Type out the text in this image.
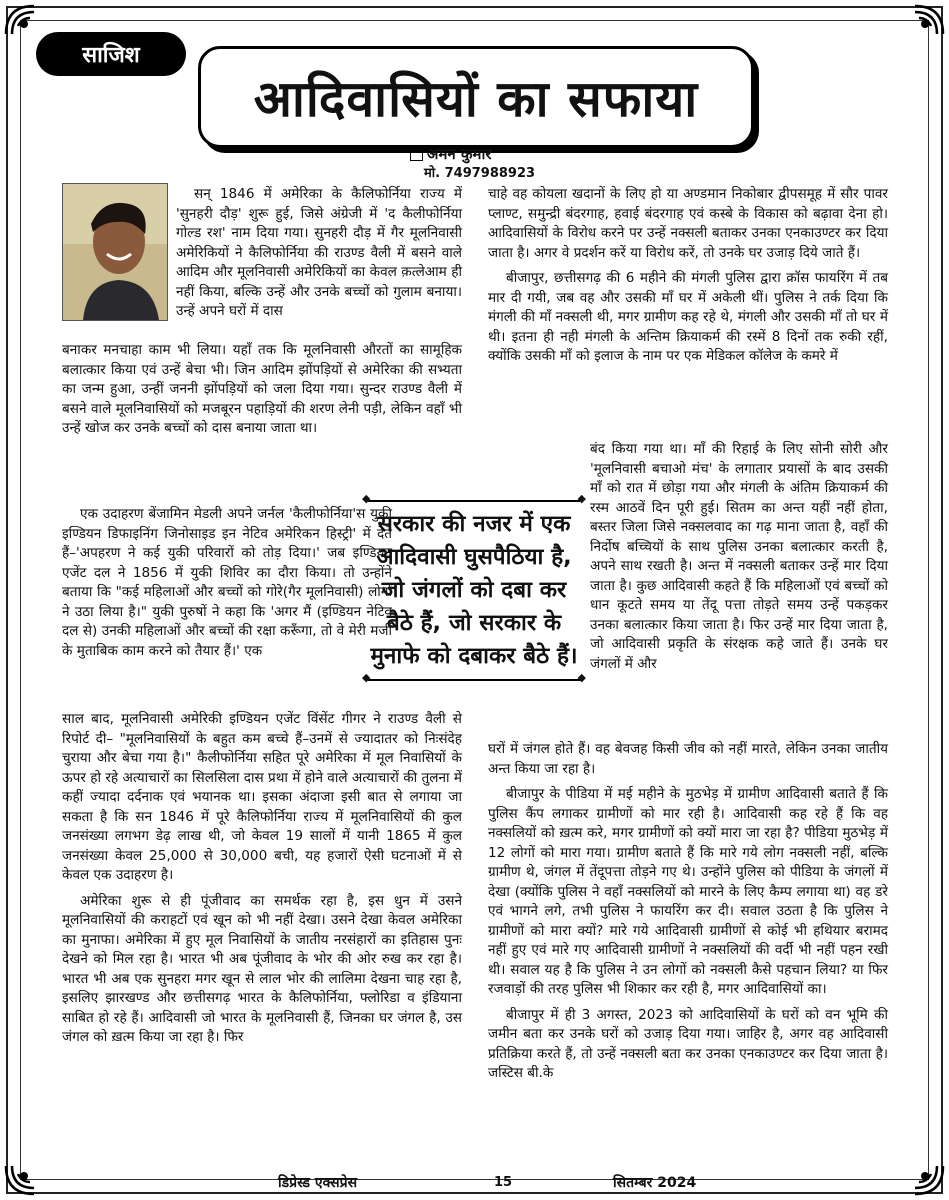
साजिश
आदिवासियों का सफाया
अमन कुमार
मो. 7497988923

सन् 1846 में अमेरिका के कैलिफोर्निया राज्य में 'सुनहरी दौड़' शुरू हुई, जिसे अंग्रेजी में 'द कैलीफोर्निया गोल्ड रश' नाम दिया गया। सुनहरी दौड़ में गैर मूलनिवासी अमेरिकियों ने कैलिफोर्निया की राउण्ड वैली में बसने वाले आदिम और मूलनिवासी अमेरिकियों का केवल क़त्लेआम ही नहीं किया, बल्कि उन्हें और उनके बच्चों को गुलाम बनाया। उन्हें अपने घरों में दास

बनाकर मनचाहा काम भी लिया। यहाँ तक कि मूलनिवासी औरतों का सामूहिक बलात्कार किया एवं उन्हें बेचा भी। जिन आदिम झोंपड़ियों से अमेरिका की सभ्यता का जन्म हुआ, उन्हीं जननी झोंपड़ियों को जला दिया गया। सुन्दर राउण्ड वैली में बसने वाले मूलनिवासियों को मजबूरन पहाड़ियों की शरण लेनी पड़ी, लेकिन वहाँ भी उन्हें खोज कर उनके बच्चों को दास बनाया जाता था।

एक उदाहरण बेंजामिन मेडली अपने जर्नल 'कैलीफोर्निया'स युकी इण्डियन डिफाइनिंग जिनोसाइड इन नेटिव अमेरिकन हिस्ट्री' में देते हैं–'अपहरण ने कई युकी परिवारों को तोड़ दिया।' जब इण्डियन एजेंट दल ने 1856 में युकी शिविर का दौरा किया। तो उन्होंने बताया कि "कई महिलाओं और बच्चों को गोरे(गैर मूलनिवासी) लोगों ने उठा लिया है।" युकी पुरुषों ने कहा कि 'अगर मैं (इण्डियन नेटिव दल से) उनकी महिलाओं और बच्चों की रक्षा करूँगा, तो वे मेरी मर्जी के मुताबिक काम करने को तैयार हैं।' एक

साल बाद, मूलनिवासी अमेरिकी इण्डियन एजेंट विंसेंट गीगर ने राउण्ड वैली से रिपोर्ट दी– "मूलनिवासियों के बहुत कम बच्चे हैं–उनमें से ज्यादातर को निःसंदेह चुराया और बेचा गया है।" कैलीफोर्निया सहित पूरे अमेरिका में मूल निवासियों के ऊपर हो रहे अत्याचारों का सिलसिला दास प्रथा में होने वाले अत्याचारों की तुलना में कहीं ज्यादा दर्दनाक एवं भयानक था। इसका अंदाजा इसी बात से लगाया जा सकता है कि सन 1846 में पूरे कैलिफोर्निया राज्य में मूलनिवासियों की कुल जनसंख्या लगभग डेढ़ लाख थी, जो केवल 19 सालों में यानी 1865 में कुल जनसंख्या केवल 25,000 से 30,000 बची, यह हजारों ऐसी घटनाओं में से केवल एक उदाहरण है।

अमेरिका शुरू से ही पूंजीवाद का समर्थक रहा है, इस धुन में उसने मूलनिवासियों की कराहटों एवं खून को भी नहीं देखा। उसने देखा केवल अमेरिका का मुनाफा। अमेरिका में हुए मूल निवासियों के जातीय नरसंहारों का इतिहास पुनः देखने को मिल रहा है। भारत भी अब पूंजीवाद के भोर की ओर रुख कर रहा है। भारत भी अब एक सुनहरा मगर खून से लाल भोर की लालिमा देखना चाह रहा है, इसलिए झारखण्ड और छत्तीसगढ़ भारत के कैलिफोर्निया, फ्लोरिडा व इंडियाना साबित हो रहे हैं। आदिवासी जो भारत के मूलनिवासी हैं, जिनका घर जंगल है, उस जंगल को ख़त्म किया जा रहा है। फिर

चाहे वह कोयला खदानों के लिए हो या अण्डमान निकोबार द्वीपसमूह में सौर पावर प्लाण्ट, समुन्द्री बंदरगाह, हवाई बंदरगाह एवं कस्बे के विकास को बढ़ावा देना हो। आदिवासियों के विरोध करने पर उन्हें नक्सली बताकर उनका एनकाउण्टर कर दिया जाता है। अगर वे प्रदर्शन करें या विरोध करें, तो उनके घर उजाड़ दिये जाते हैं।

बीजापुर, छत्तीसगढ़ की 6 महीने की मंगली पुलिस द्वारा क्रॉस फायरिंग में तब मार दी गयी, जब वह और उसकी माँ घर में अकेली थीं। पुलिस ने तर्क दिया कि मंगली की माँ नक्सली थी, मगर ग्रामीण कह रहे थे, मंगली और उसकी माँ तो घर में थी। इतना ही नही मंगली के अन्तिम क्रियाकर्म की रस्में 8 दिनों तक रुकी रहीं, क्योंकि उसकी माँ को इलाज के नाम पर एक मेडिकल कॉलेज के कमरे में

बंद किया गया था। माँ की रिहाई के लिए सोनी सोरी और 'मूलनिवासी बचाओ मंच' के लगातार प्रयासों के बाद उसकी माँ को रात में छोड़ा गया और मंगली के अंतिम क्रियाकर्म की रस्म आठवें दिन पूरी हुई। सितम का अन्त यहीं नहीं होता, बस्तर जिला जिसे नक्सलवाद का गढ़ माना जाता है, वहाँ की निर्दोष बच्चियों के साथ पुलिस उनका बलात्कार करती है, अपने साथ रखती है। अन्त में नक्सली बताकर उन्हें मार दिया जाता है। कुछ आदिवासी कहते हैं कि महिलाओं एवं बच्चों को धान कूटते समय या तेंदू पत्ता तोड़ते समय उन्हें पकड़कर उनका बलात्कार किया जाता है। फिर उन्हें मार दिया जाता है, जो आदिवासी प्रकृति के संरक्षक कहे जाते हैं। उनके घर जंगलों में और

घरों में जंगल होते हैं। वह बेवजह किसी जीव को नहीं मारते, लेकिन उनका जातीय अन्त किया जा रहा है।

बीजापुर के पीडिया में मई महीने के मुठभेड़ में ग्रामीण आदिवासी बताते हैं कि पुलिस कैंप लगाकर ग्रामीणों को मार रही है। आदिवासी कह रहे हैं कि वह नक्सलियों को ख़त्म करे, मगर ग्रामीणों को क्यों मारा जा रहा है? पीडिया मुठभेड़ में 12 लोगों को मारा गया। ग्रामीण बताते हैं कि मारे गये लोग नक्सली नहीं, बल्कि ग्रामीण थे, जंगल में तेंदूपत्ता तोड़ने गए थे। उन्होंने पुलिस को पीडिया के जंगलों में देखा (क्योंकि पुलिस ने वहाँ नक्सलियों को मारने के लिए कैम्प लगाया था) वह डरे एवं भागने लगे, तभी पुलिस ने फायरिंग कर दी। सवाल उठता है कि पुलिस ने ग्रामीणों को मारा क्यों? मारे गये आदिवासी ग्रामीणों से कोई भी हथियार बरामद नहीं हुए एवं मारे गए आदिवासी ग्रामीणों ने नक्सलियों की वर्दी भी नहीं पहन रखी थी। सवाल यह है कि पुलिस ने उन लोगों को नक्सली कैसे पहचान लिया? या फिर रजवाड़ों की तरह पुलिस भी शिकार कर रही है, मगर आदिवासियों का।

बीजापुर में ही 3 अगस्त, 2023 को आदिवासियों के घरों को वन भूमि की जमीन बता कर उनके घरों को उजाड़ दिया गया। जाहिर है, अगर वह आदिवासी प्रतिक्रिया करते हैं, तो उन्हें नक्सली बता कर उनका एनकाउण्टर कर दिया जाता है। जस्टिस बी.के

◆ ◆
सरकार की नजर में एक आदिवासी घुसपैठिया है, जो जंगलों को दबा कर बैठे हैं, जो सरकार के मुनाफे को दबाकर बैठे हैं।
◆ ◆
डिप्रेस्ड एक्सप्रेस	15	सितम्बर 2024
